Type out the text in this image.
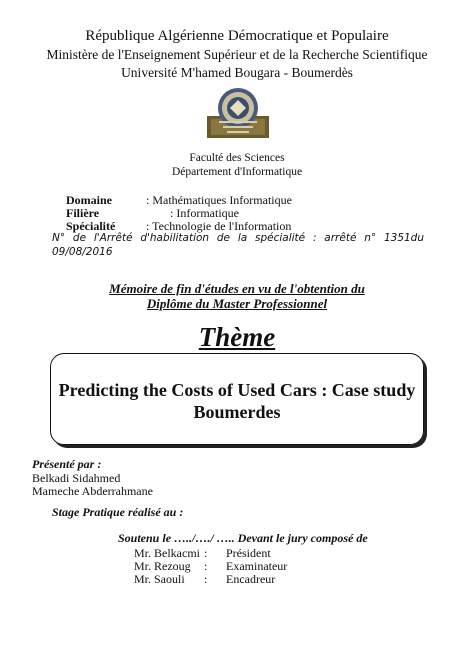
République Algérienne Démocratique et Populaire
Ministère de l'Enseignement Supérieur et de la Recherche Scientifique
Université M'hamed Bougara - Boumerdès
Faculté des Sciences
Département d'Informatique
Domaine	: Mathématiques Informatique
Filière	: Informatique
Spécialité	: Technologie de l'Information
N° de l'Arrêté d'habilitation de la spécialité : arrêté n° 1351du 09/08/2016
Mémoire de fin d'études en vu de l'obtention du
Diplôme du Master Professionnel
Thème
Predicting the Costs of Used Cars : Case study
Boumerdes
Présenté par :
Belkadi Sidahmed
Mameche Abderrahmane
Stage Pratique réalisé au :
Soutenu le …../…./ ….. Devant le jury composé de
Mr. Belkacmi : Président
Mr. Rezoug : Examinateur
Mr. Saouli : Encadreur
